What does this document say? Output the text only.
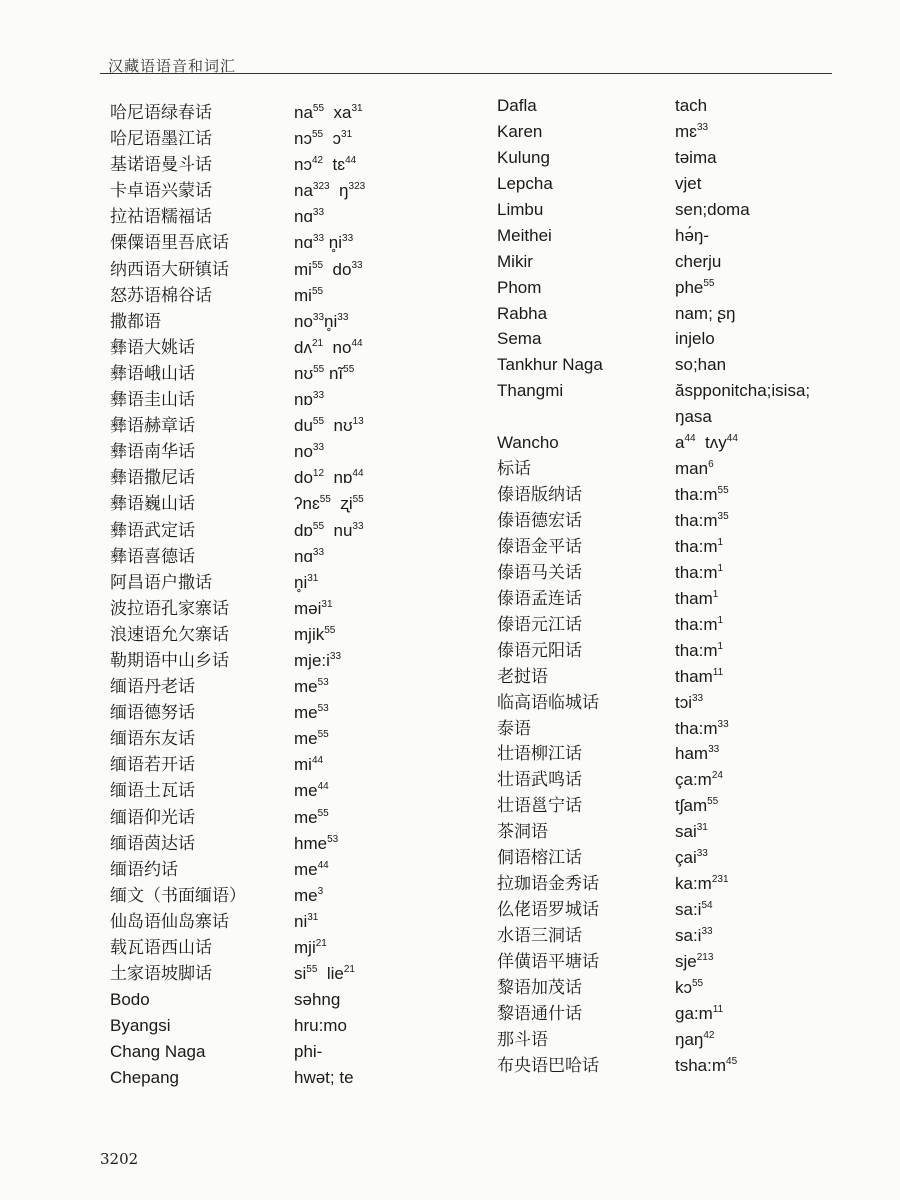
汉藏语语音和词汇
哈尼语绿春话	$na^{55}$  $xa^{31}$
哈尼语墨江话	nɔ$^{55}$  ɔ$^{31}$
基诺语曼斗话	nɔ$^{42}$  tɛ$^{44}$
卡卓语兴蒙话	$na^{323}$  $ŋ^{323}$
拉祜语糯福话	nɑ$^{33}$
傈僳语里吾底话	nɑ$^{33}$ $n̥i^{33}$
纳西语大研镇话	$mi^{55}$  $do^{33}$
怒苏语棉谷话	$mi^{55}$
撒都语	$no^{33}n̥i^{33}$
彝语大姚话	dʌ$^{21}$  $no^{44}$
彝语峨山话	nʊ$^{55}$ $nĩ^{55}$
彝语圭山话	nɒ$^{33}$
彝语赫章话	$du^{55}$  nʊ$^{13}$
彝语南华话	$no^{33}$
彝语撒尼话	$do^{12}$  nɒ$^{44}$
彝语巍山话	ʔnɛ$^{55}$  ʐi$^{55}$
彝语武定话	dɒ$^{55}$  $nu^{33}$
彝语喜德话	nɑ$^{33}$
阿昌语户撒话	$n̥i^{31}$
波拉语孔家寨话	məi$^{31}$
浪速语允欠寨话	mjik$^{55}$
勒期语中山乡话	$mje:i^{33}$
缅语丹老话	$me^{53}$
缅语德努话	$me^{53}$
缅语东友话	$me^{55}$
缅语若开话	$mi^{44}$
缅语土瓦话	$me^{44}$
缅语仰光话	$me^{55}$
缅语茵达话	hme$^{53}$
缅语约话	$me^{44}$
缅文（书面缅语）	$me^3$
仙岛语仙岛寨话	$ni^{31}$
载瓦语西山话	mji$^{21}$
土家语坡脚话	$si^{55}$  lie$^{21}$
Bodo	səhng
Byangsi	hru:mo
Chang Naga	phi-
Chepang	hwət; te
Dafla	tach
Karen	mɛ$^{33}$
Kulung	təima
Lepcha	vjet
Limbu	sen;doma
Meithei	hə́ŋ-
Mikir	cherju
Phom	phe$^{55}$
Rabha	nam; ʂŋ
Sema	injelo
Tankhur Naga	so;han
Thangmi	ăspponitcha;isisa;
ŋasa
Wancho	$a^{44}$  tʌy$^{44}$
标话	man$^6$
傣语版纳话	$tha:m^{55}$
傣语德宏话	$tha:m^{35}$
傣语金平话	$tha:m^1$
傣语马关话	$tha:m^1$
傣语孟连话	tham$^1$
傣语元江话	$tha:m^1$
傣语元阳话	$tha:m^1$
老挝语	tham$^{11}$
临高语临城话	tɔi$^{33}$
泰语	$tha:m^{33}$
壮语柳江话	ham$^{33}$
壮语武鸣话	$ça:m^{24}$
壮语邕宁话	tʃam$^{55}$
茶洞语	sai$^{31}$
侗语榕江话	çai$^{33}$
拉珈语金秀话	$ka:m^{231}$
仫佬语罗城话	$sa:i^{54}$
水语三洞话	$sa:i^{33}$
佯僙语平塘话	sje$^{213}$
黎语加茂话	kɔ$^{55}$
黎语通什话	$ga:m^{11}$
那斗语	ŋaŋ$^{42}$
布央语巴哈话	$tsha:m^{45}$
3202
